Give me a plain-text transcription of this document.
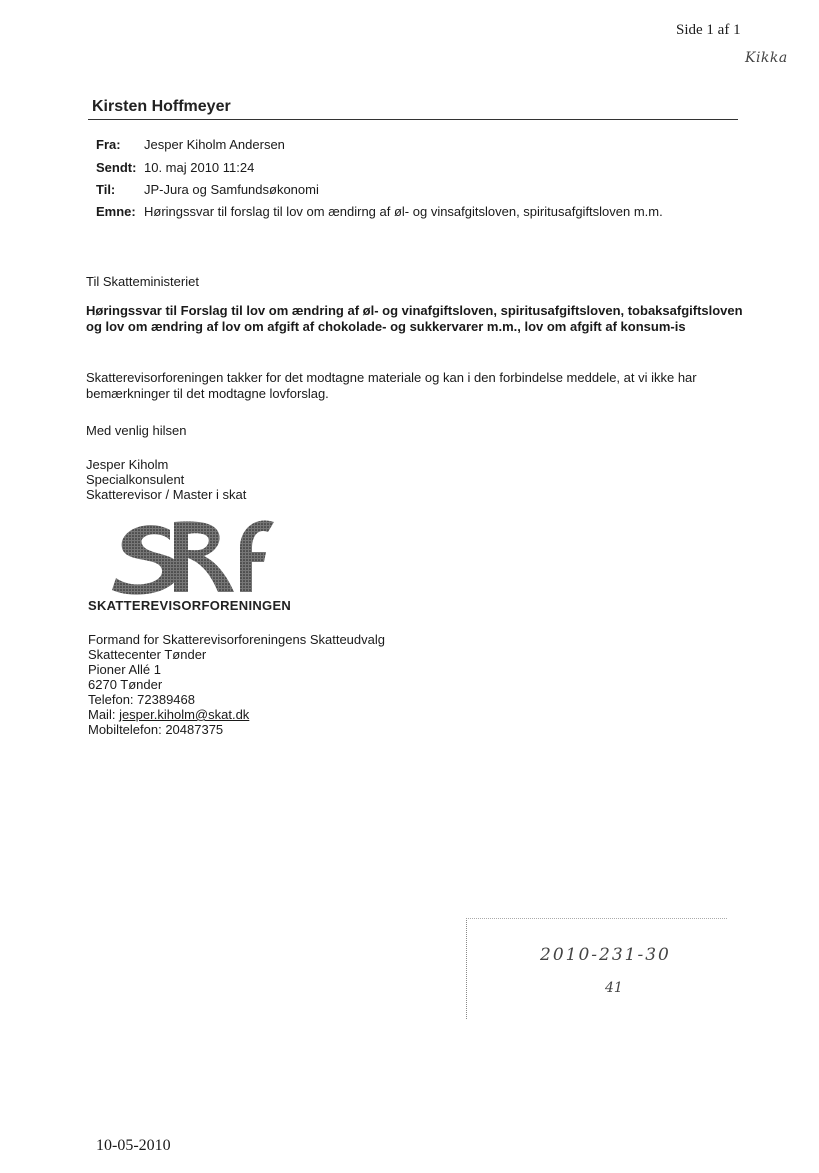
Side 1 af 1
Kikka
Kirsten Hoffmeyer
Fra:	Jesper Kiholm Andersen
Sendt: 10. maj 2010 11:24
Til:	JP-Jura og Samfundsøkonomi
Emne: Høringssvar til forslag til lov om ændirng af øl- og vinsafgitsloven, spiritusafgiftsloven m.m.
Til Skatteministeriet
Høringssvar til Forslag til lov om ændring af øl- og vinafgiftsloven, spiritusafgiftsloven, tobaksafgiftsloven og lov om ændring af lov om afgift af chokolade- og sukkervarer m.m., lov om afgift af konsum-is
Skatterevisorforeningen takker for det modtagne materiale og kan i den forbindelse meddele, at vi ikke har bemærkninger til det modtagne lovforslag.
Med venlig hilsen
Jesper Kiholm
Specialkonsulent
Skatterevisor / Master i skat
SKATTEREVISORFORENINGEN
Formand for Skatterevisorforeningens Skatteudvalg
Skattecenter Tønder
Pioner Allé 1
6270 Tønder
Telefon: 72389468
Mail: jesper.kiholm@skat.dk
Mobiltelefon: 20487375
2010-231-30
41
10-05-2010
